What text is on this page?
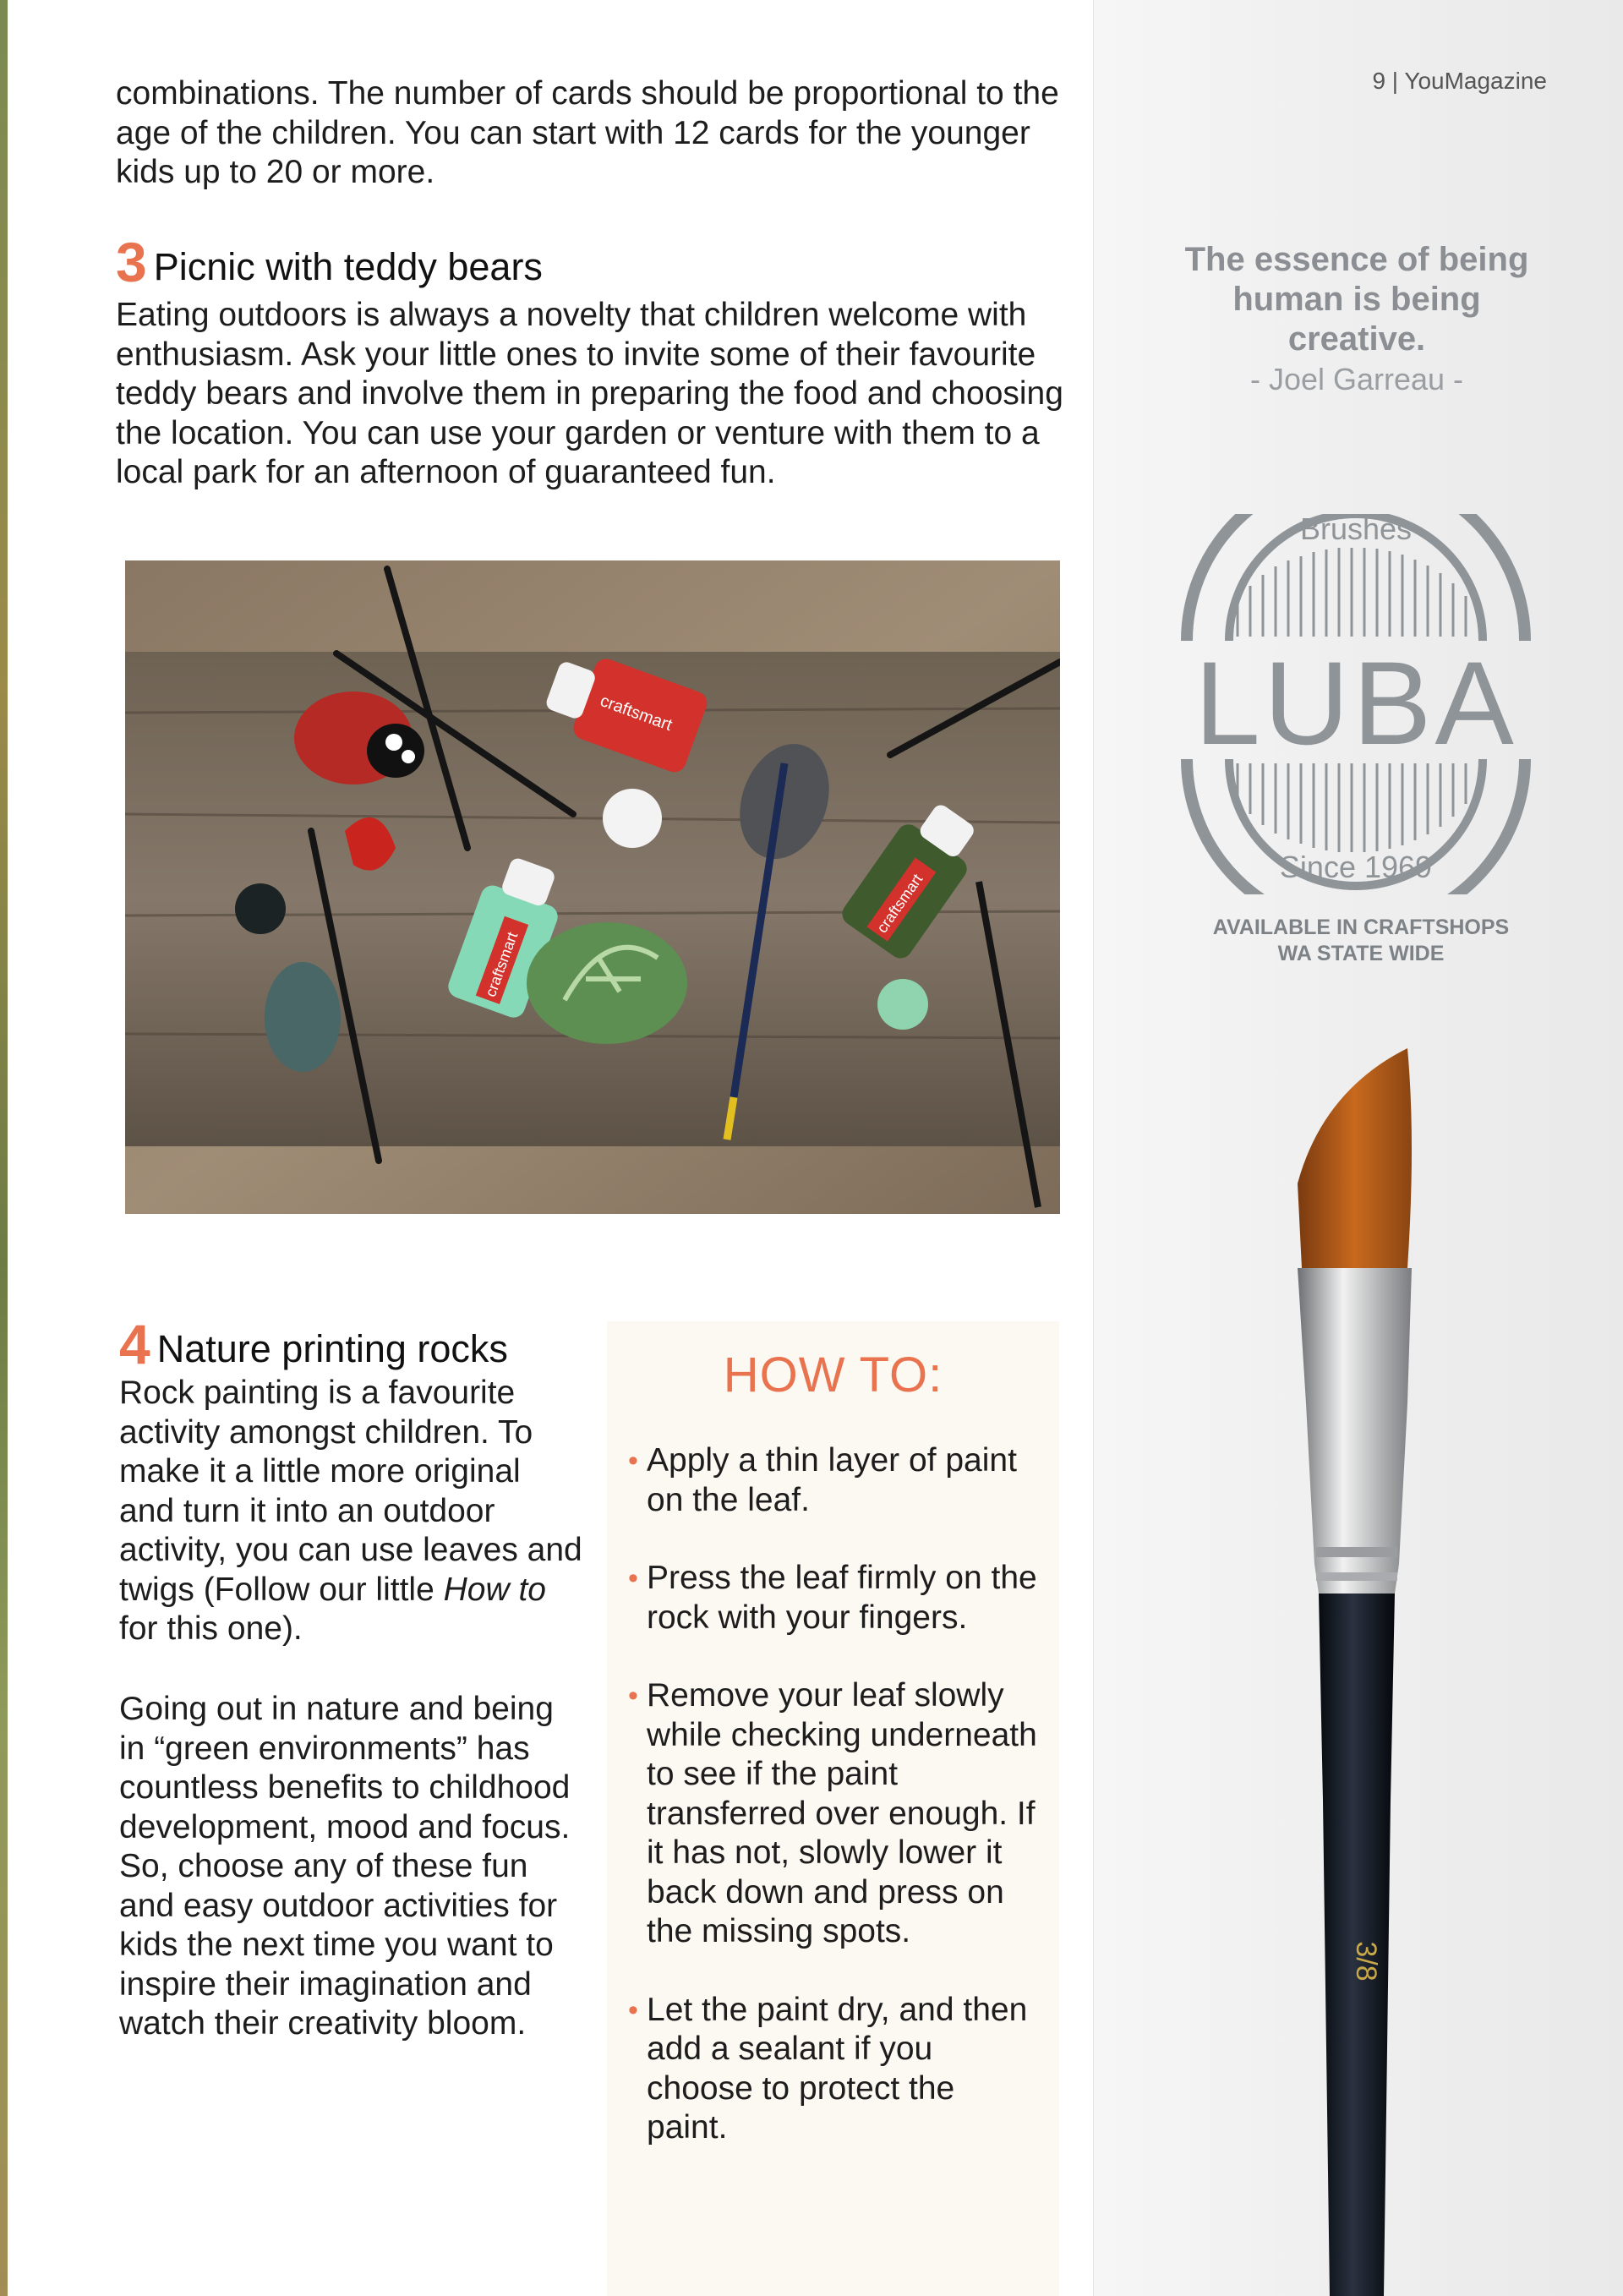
combinations. The number of cards should be proportional to the age of the children. You can start with 12 cards for the younger kids up to 20 or more.
3 Picnic with teddy bears
Eating outdoors is always a novelty that children welcome with enthusiasm. Ask your little ones to invite some of their favourite teddy bears and involve them in preparing the food and choosing the location. You can use your garden or venture with them to a local park for an afternoon of guaranteed fun.
craftsmart
craftsmart
craftsmart
4 Nature printing rocks
Rock painting is a favourite activity amongst children. To make it a little more original and turn it into an outdoor activity, you can use leaves and twigs (Follow our little How to for this one).
Going out in nature and being in “green environments” has countless benefits to childhood development, mood and focus. So, choose any of these fun and easy outdoor activities for kids the next time you want to inspire their imagination and watch their creativity bloom.
HOW TO:
• Apply a thin layer of paint on the leaf.
• Press the leaf firmly on the rock with your fingers.
• Remove your leaf slowly while checking underneath to see if the paint transferred over enough. If it has not, slowly lower it back down and press on the missing spots.
• Let the paint dry, and then add a sealant if you choose to protect the paint.
9 | YouMagazine
The essence of being human is being creative.
- Joel Garreau -
Brushes
LUBA
Since 1969
AVAILABLE IN CRAFTSHOPS
WA STATE WIDE
3/8
